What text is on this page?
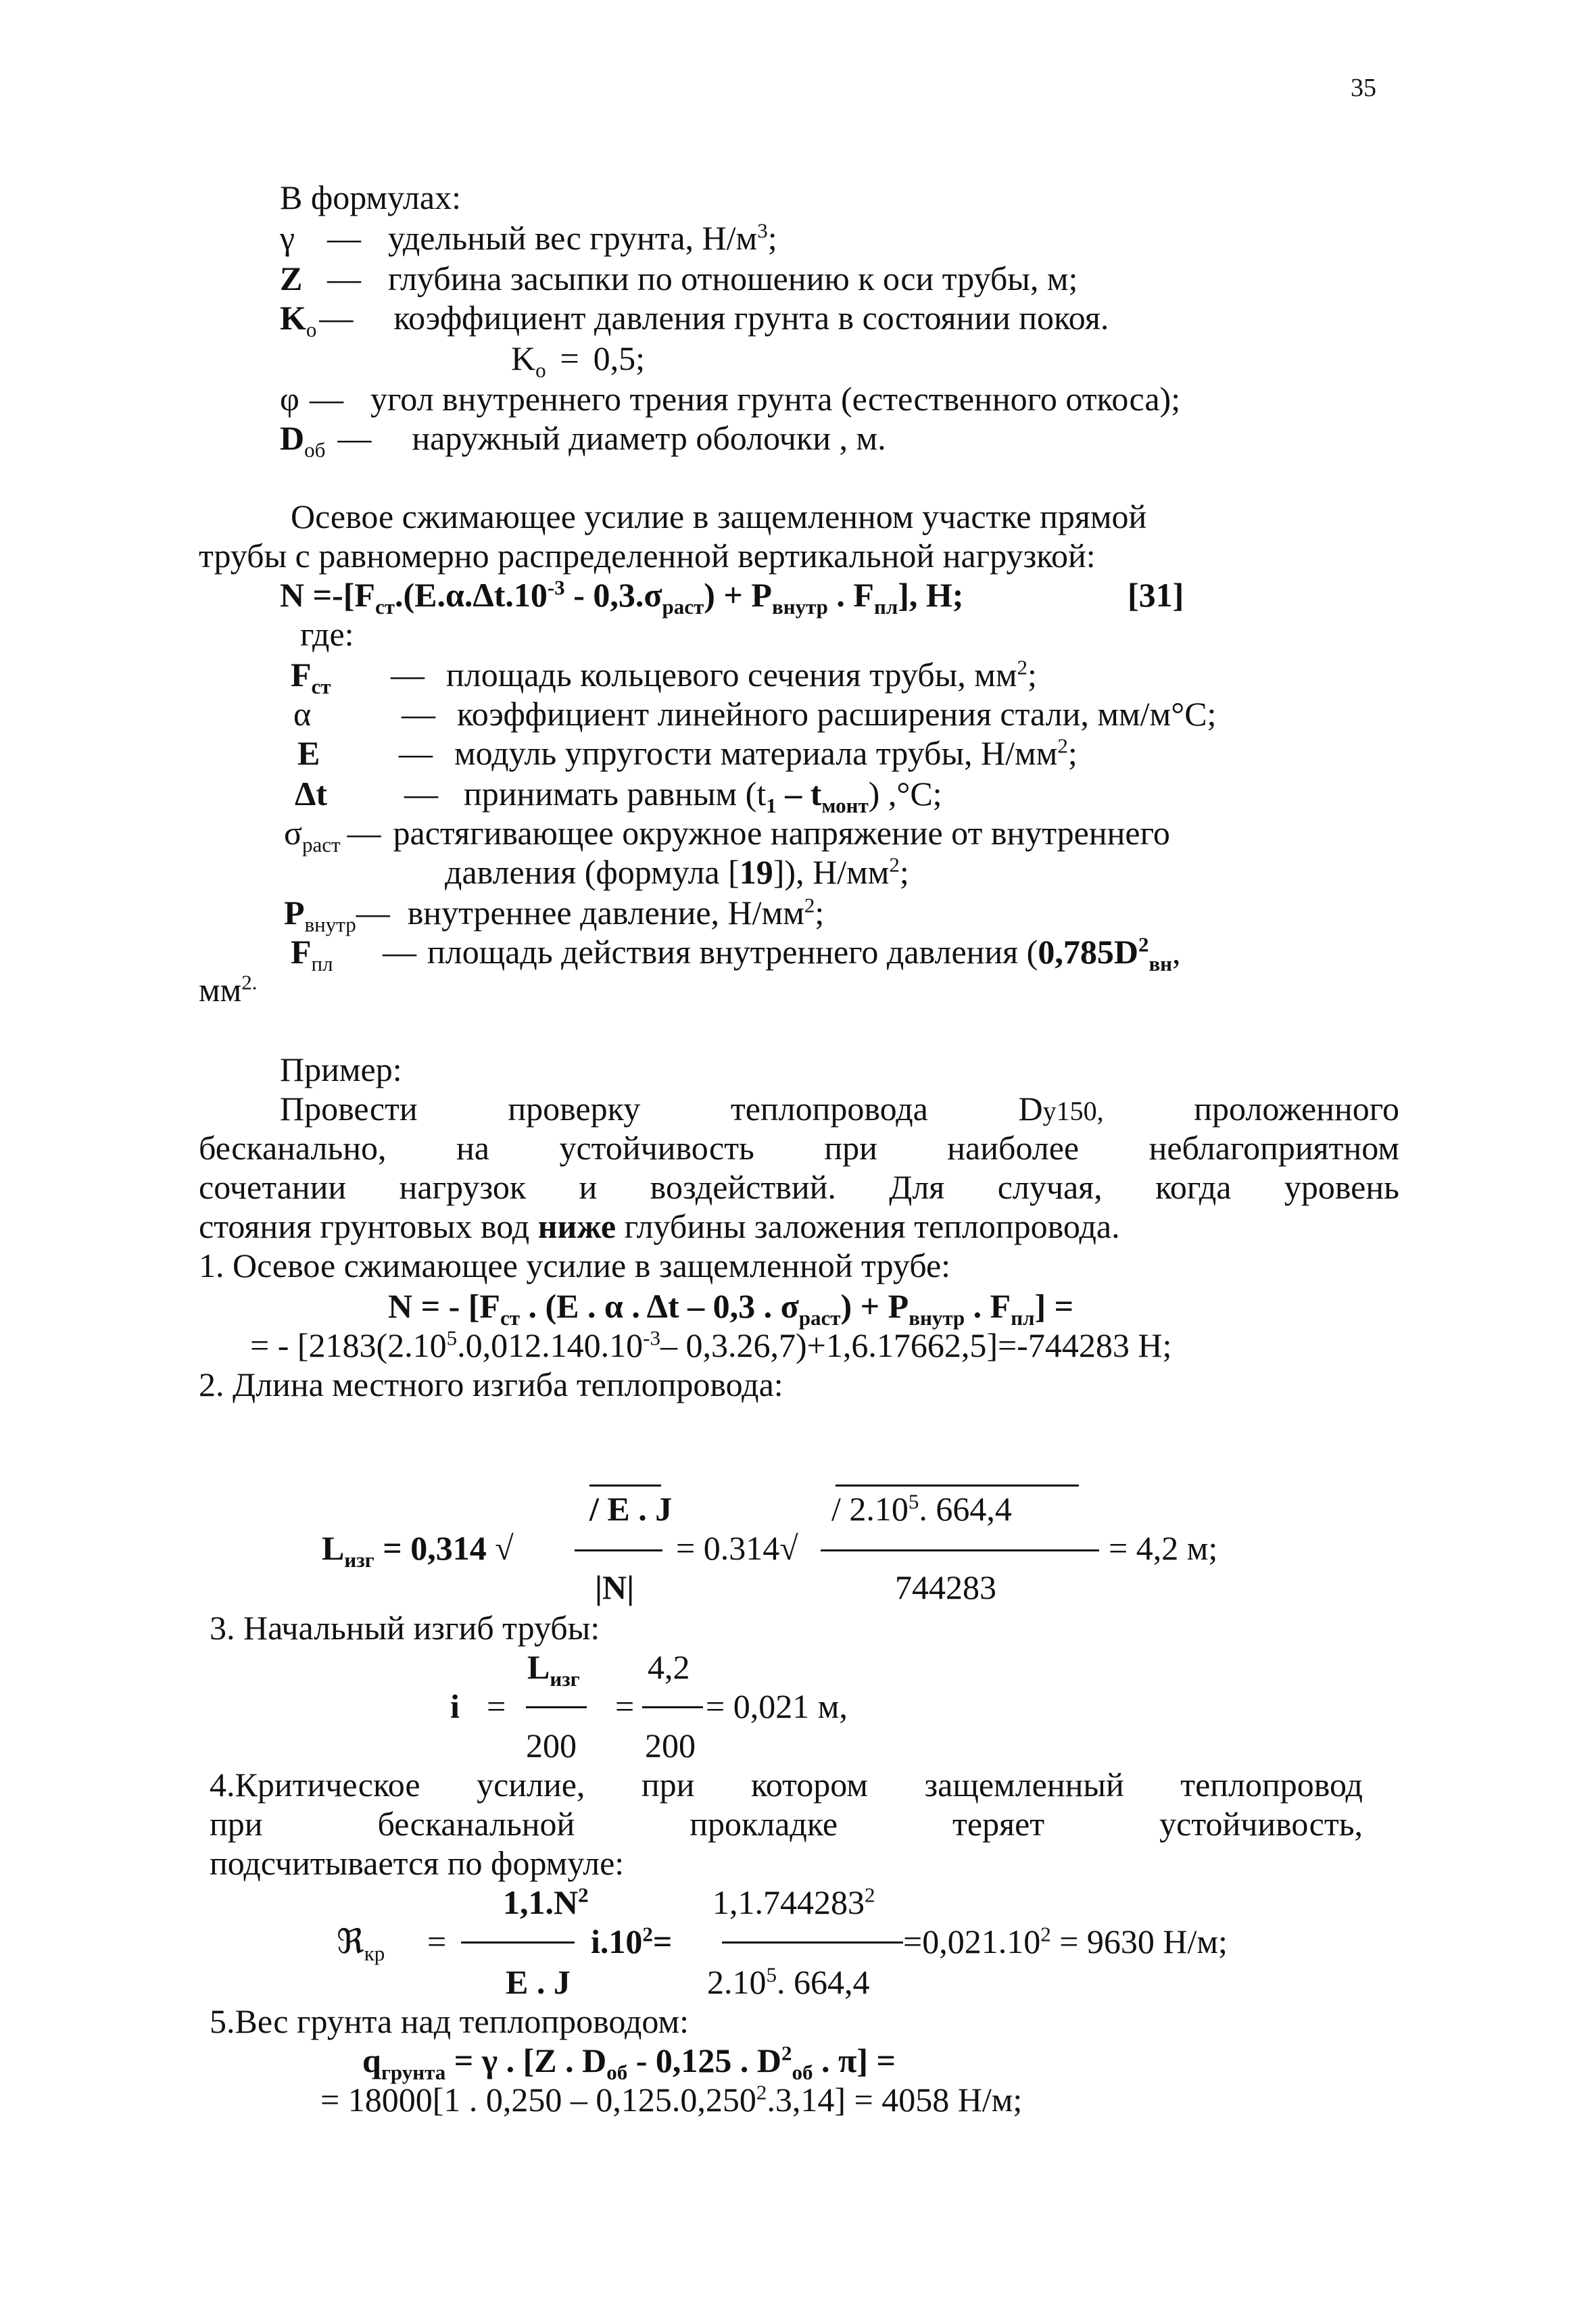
35
В формулах:
γ — удельный вес грунта, $Н/м^3$;
Z — глубина засыпки по отношению к оси трубы, м;
$K_o—$ коэффициент давления грунта в состоянии покоя.
$K_o = 0,5$;
φ — угол внутреннего трения грунта (естественного откоса);
$D_{об}$ — наружный диаметр оболочки , м.
Осевое сжимающее усилие в защемленном участке прямой
трубы с равномерно распределенной вертикальной нагрузкой:
$N =-[F_{ст}.(E.\alpha.\Delta t.10^{-3} - 0,3.\sigma_{раст}) + P_{внутр}$ . $F_{пл}$], H;	[31]
где:
$F_{ст}$ — площадь кольцевого сечения трубы, $мм^2$;
α	— коэффициент линейного расширения стали, мм/м°С;
E — модуль упругости материала трубы, $Н/мм^2$;
Δt — принимать равным $(t_1 - t_{монт})$ ,°С;
$\sigma_{раст}$ — растягивающее окружное напряжение от внутреннего
давления (формула [19]), $Н/мм^2$;
$P_{внутр}—$ внутреннее давление, $Н/мм^2$;
$F_{пл}$ — площадь действия внутреннего давления ($0,785D^2_{вн}$,
$мм^{2.}$
Пример:
Провести	проверку	теплопровода	Dу150,	проложенного
бесканально, на устойчивость при наиболее неблагоприятном
сочетании нагрузок и воздействий. Для случая, когда уровень
стояния грунтовых вод ниже глубины заложения теплопровода.
1. Осевое сжимающее усилие в защемленной трубе:
N = - [$F_{ст}$ . (E . α . Δt – 0,3 . $\sigma_{раст}) + P_{внутр}$ . $F_{пл}$] =
= - [$2183(2.10^5.0,012.140.10^{-3}-$ 0,3.26,7)+1,6.17662,5]=-744283 Н;
2. Длина местного изгиба теплопровода:
/ E . J	/ 2.10$^5$. 664,4
$L_{изг} = 0,314$ √	= 0.314√	= 4,2 м;
|N|	744283
3. Начальный изгиб трубы:
$L_{изг}$ 4,2
i =	= = 0,021 м,
200 200
4.Критическое усилие, при котором защемленный теплопровод
при	бесканальной	прокладке	теряет	устойчивость,
подсчитывается по формуле:
$1,1.N^2$	1,1.744283$^2$
ℜ$_{кр}$ =	$i.10^2=$	$=0,021.10^2 = 9630$ Н/м;
E . J	2.10$^5$. 664,4
5.Вес грунта над теплопроводом:
$q_{грунта} = \gamma$ . [Z . $D_{об} - 0,125$ . $D^2_{об}$ . π] =
= 18000[1 . $0,250 - 0,125.0,250^2.3,14] = 4058$ Н/м;
